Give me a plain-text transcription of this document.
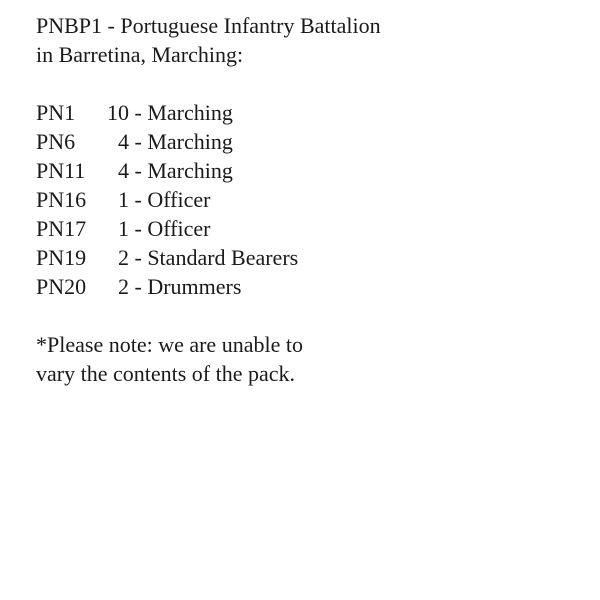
PNBP1 - Portuguese Infantry Battalion
in Barretina, Marching:
PN1	10 - Marching
PN6	4 - Marching
PN11	4 - Marching
PN16	1 - Officer
PN17	1 - Officer
PN19	2 - Standard Bearers
PN20	2 - Drummers
*Please note: we are unable to
vary the contents of the pack.
